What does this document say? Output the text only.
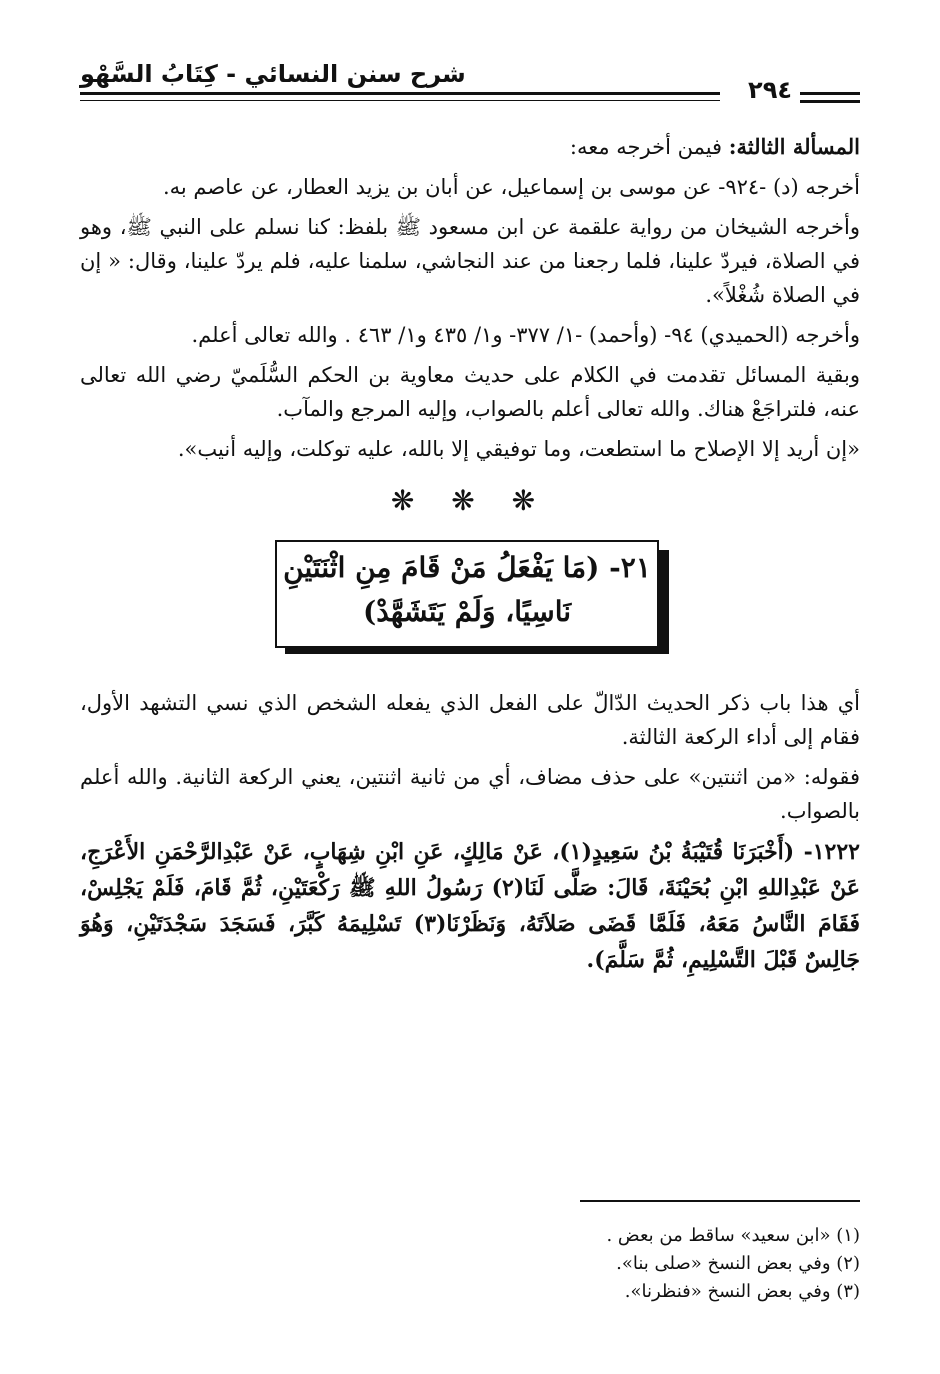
شرح سنن النسائي - كِتَابُ السَّهْو
٢٩٤

المسألة الثالثة: فيمن أخرجه معه:

أخرجه (د) -٩٢٤- عن موسى بن إسماعيل، عن أبان بن يزيد العطار، عن عاصم به.

وأخرجه الشيخان من رواية علقمة عن ابن مسعود ﷺ بلفظ: كنا نسلم على النبي ﷺ، وهو في الصلاة، فيردّ علينا، فلما رجعنا من عند النجاشي، سلمنا عليه، فلم يردّ علينا، وقال: « إن في الصلاة شُغْلاً».

وأخرجه (الحميدي) ٩٤- (وأحمد) -١/ ٣٧٧- و١/ ٤٣٥ و١/ ٤٦٣ . والله تعالى أعلم.

وبقية المسائل تقدمت في الكلام على حديث معاوية بن الحكم السُّلَميّ رضي الله تعالى عنه، فلتراجَعْ هناك. والله تعالى أعلم بالصواب، وإليه المرجع والمآب.

«إن أريد إلا الإصلاح ما استطعت، وما توفيقي إلا بالله، عليه توكلت، وإليه أنيب».

❋ ❋ ❋
٢١- (مَا يَفْعَلُ مَنْ قَامَ مِنِ اثْنَتَيْنِ
نَاسِيًا، وَلَمْ يَتَشَهَّدْ)

أي هذا باب ذكر الحديث الدّالّ على الفعل الذي يفعله الشخص الذي نسي التشهد الأول، فقام إلى أداء الركعة الثالثة.

فقوله: «من اثنتين» على حذف مضاف، أي من ثانية اثنتين، يعني الركعة الثانية. والله أعلم بالصواب.

١٢٢٢- (أَخْبَرَنَا قُتَيْبَةُ بْنُ سَعِيدٍ(١)، عَنْ مَالِكٍ، عَنِ ابْنِ شِهَابٍ، عَنْ عَبْدِالرَّحْمَنِ الأَعْرَجِ، عَنْ عَبْدِاللهِ ابْنِ بُحَيْنَةَ، قَالَ: صَلَّى لَنَا(٢) رَسُولُ اللهِ ﷺ رَكْعَتَيْنِ، ثُمَّ قَامَ، فَلَمْ يَجْلِسْ، فَقَامَ النَّاسُ مَعَهُ، فَلَمَّا قَضَى صَلاَتَهُ، وَنَظَرْنَا(٣) تَسْلِيمَهُ كَبَّرَ، فَسَجَدَ سَجْدَتَيْنِ، وَهُوَ جَالِسٌ قَبْلَ التَّسْلِيمِ، ثُمَّ سَلَّمَ).

(١) «ابن سعيد» ساقط من بعض .
(٢) وفي بعض النسخ «صلى بنا».
(٣) وفي بعض النسخ «فنظرنا».
